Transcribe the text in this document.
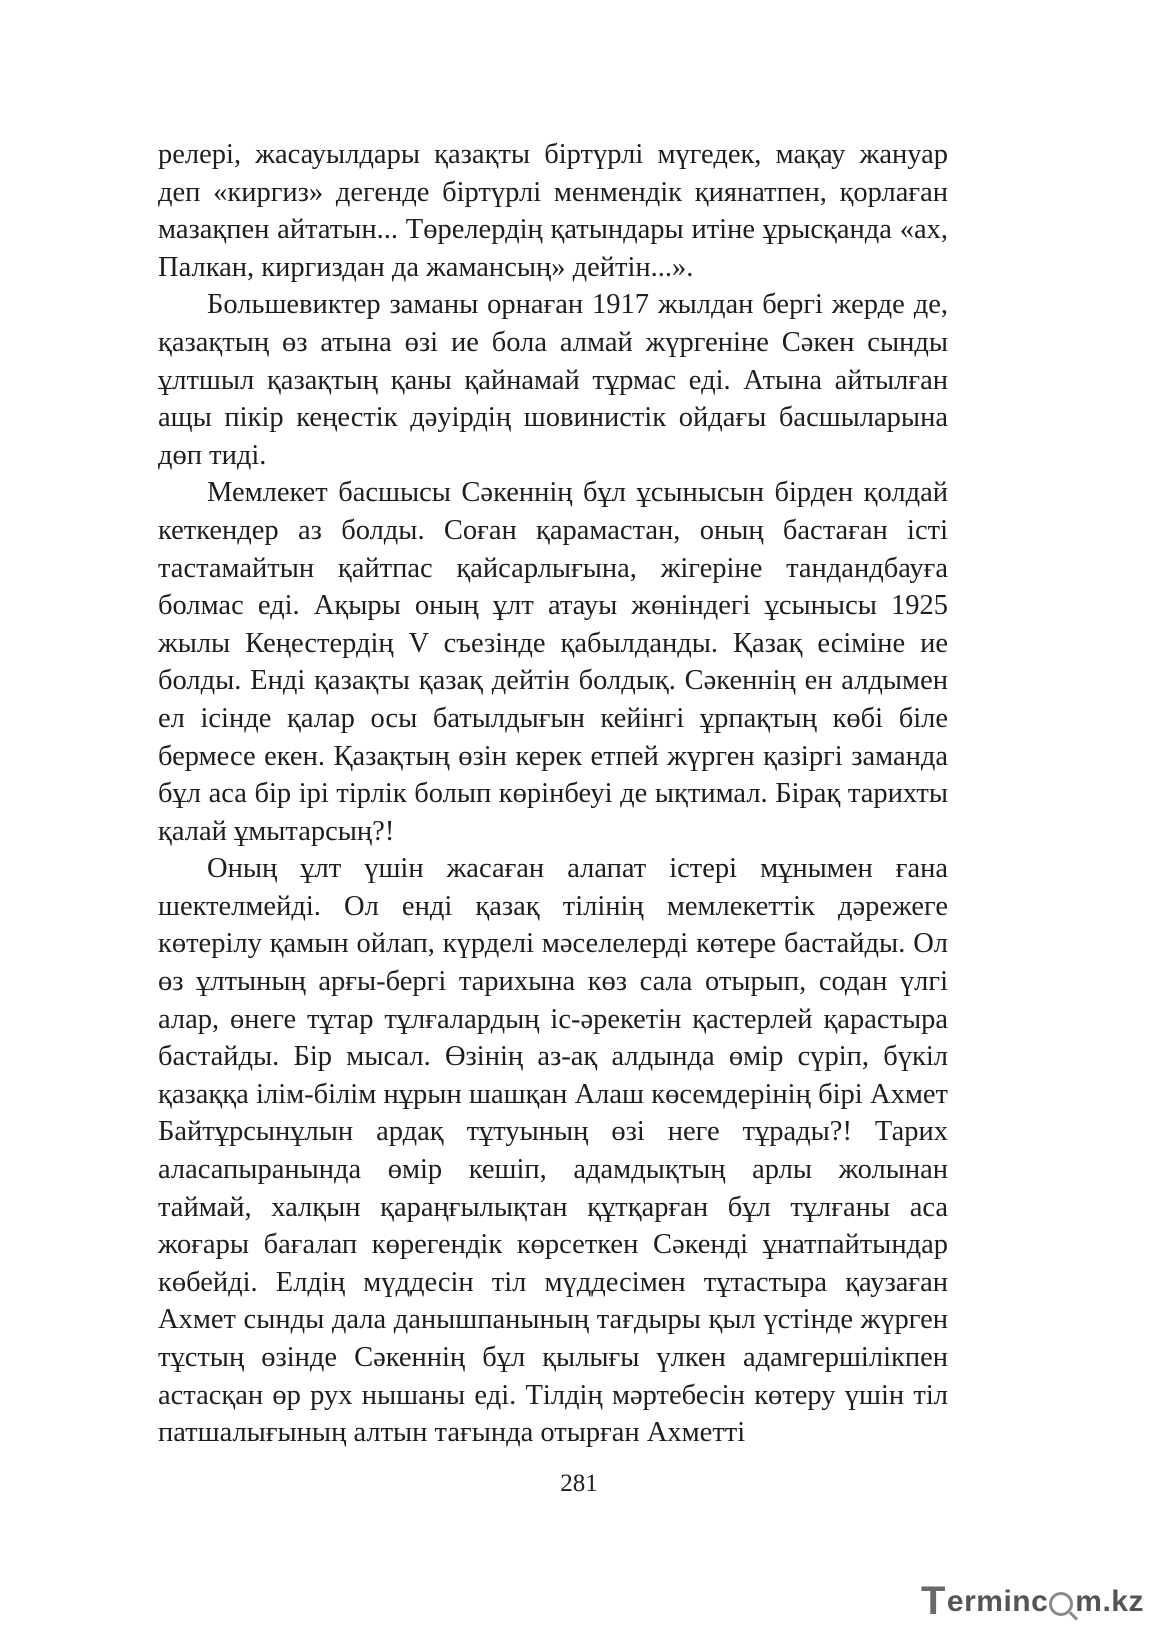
релері, жасауылдары қазақты біртүрлі мүгедек, мақау жануар деп «киргиз» дегенде біртүрлі менмендік қиянатпен, қорлаған мазақпен айтатын... Төрелердің қатындары итіне ұрысқанда «ах, Палкан, киргиздан да жамансың» дейтін...».

Большевиктер заманы орнаған 1917 жылдан бергі жерде де, қазақтың өз атына өзі ие бола алмай жүргеніне Сәкен сынды ұлтшыл қазақтың қаны қайнамай тұрмас еді. Атына айтылған ащы пікір кеңестік дәуірдің шовинистік ойдағы басшыларына дөп тиді.

Мемлекет басшысы Сәкеннің бұл ұсынысын бірден қолдай кеткендер аз болды. Соған қарамастан, оның бастаған істі тастамайтын қайтпас қайсарлығына, жігеріне тандандбауға болмас еді. Ақыры оның ұлт атауы жөніндегі ұсынысы 1925 жылы Кеңестердің V съезінде қабылданды. Қазақ есіміне ие болды. Енді қазақты қазақ дейтін болдық. Сәкеннің ен алдымен ел ісінде қалар осы батылдығын кейінгі ұрпақтың көбі біле бермесе екен. Қазақтың өзін керек етпей жүрген қазіргі заманда бұл аса бір ірі тірлік болып көрінбеуі де ықтимал. Бірақ тарихты қалай ұмытарсың?!

Оның ұлт үшін жасаған алапат істері мұнымен ғана шектелмейді. Ол енді қазақ тілінің мемлекеттік дәрежеге көтерілу қамын ойлап, күрделі мәселелерді көтере бастайды. Ол өз ұлтының арғы-бергі тарихына көз сала отырып, содан үлгі алар, өнеге тұтар тұлғалардың іс-әрекетін қастерлей қарастыра бастайды. Бір мысал. Өзінің аз-ақ алдында өмір сүріп, бүкіл қазаққа ілім-білім нұрын шашқан Алаш көсемдерінің бірі Ахмет Байтұрсынұлын ардақ тұтуының өзі неге тұрады?! Тарих аласапыранында өмір кешіп, адамдықтың арлы жолынан таймай, халқын қараңғылықтан құтқарған бұл тұлғаны аса жоғары бағалап көрегендік көрсеткен Сәкенді ұнатпайтындар көбейді. Елдің мүддесін тіл мүддесімен тұтастыра қаузаған Ахмет сынды дала данышпанының тағдыры қыл үстінде жүрген тұстың өзінде Сәкеннің бұл қылығы үлкен адамгершілікпен астасқан өр рух нышаны еді. Тілдің мәртебесін көтеру үшін тіл патшалығының алтын тағында отырған Ахметті

281
T erminc m.kz
